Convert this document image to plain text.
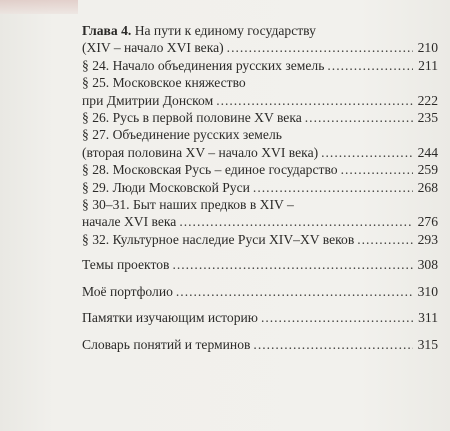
Глава 4.
На пути к единому государству
(XIV – начало XVI века) .....	210
§ 24. Начало объединения русских земель .....	211
§ 25. Московское княжество
при Дмитрии Донском .....	222
§ 26. Русь в первой половине XV века .....	235
§ 27. Объединение русских земель
(вторая половина XV – начало XVI века) .....	244
§ 28. Московская Русь – единое государство .....	259
§ 29. Люди Московской Руси .....	268
§ 30–31. Быт наших предков в XIV –
начале XVI века .....	276
§ 32. Культурное наследие Руси XIV–XV веков .....	293
Темы проектов .....	308
Моё портфолио .....	310
Памятки изучающим историю .....	311
Словарь понятий и терминов .....	315
